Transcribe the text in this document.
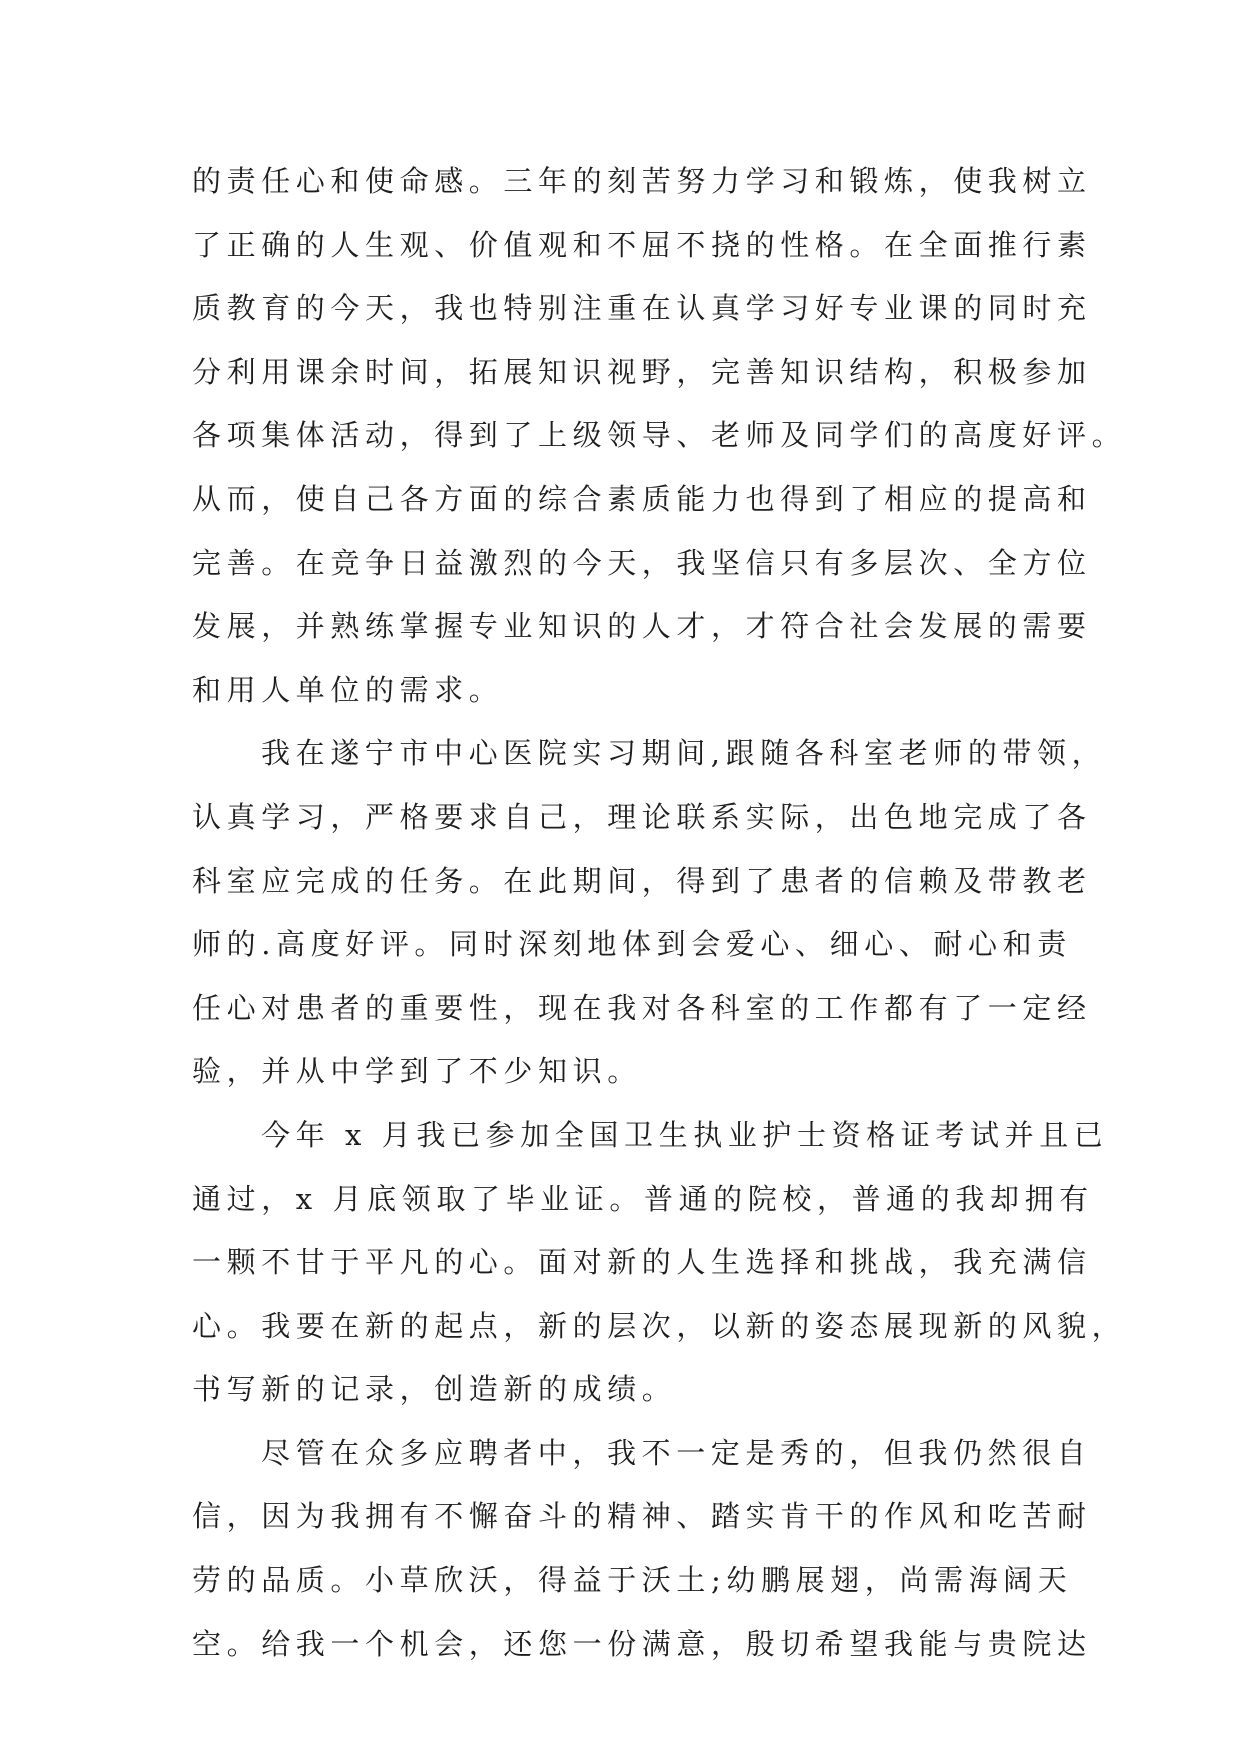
的责任心和使命感。三年的刻苦努力学习和锻炼，使我树立
了正确的人生观、价值观和不屈不挠的性格。在全面推行素
质教育的今天，我也特别注重在认真学习好专业课的同时充
分利用课余时间，拓展知识视野，完善知识结构，积极参加
各项集体活动，得到了上级领导、老师及同学们的高度好评。
从而，使自己各方面的综合素质能力也得到了相应的提高和
完善。在竞争日益激烈的今天，我坚信只有多层次、全方位
发展，并熟练掌握专业知识的人才，才符合社会发展的需要
和用人单位的需求。
我在遂宁市中心医院实习期间,跟随各科室老师的带领，
认真学习，严格要求自己，理论联系实际，出色地完成了各
科室应完成的任务。在此期间，得到了患者的信赖及带教老
师的.高度好评。同时深刻地体到会爱心、细心、耐心和责
任心对患者的重要性，现在我对各科室的工作都有了一定经
验，并从中学到了不少知识。
今年 x 月我已参加全国卫生执业护士资格证考试并且已
通过，x 月底领取了毕业证。普通的院校，普通的我却拥有
一颗不甘于平凡的心。面对新的人生选择和挑战，我充满信
心。我要在新的起点，新的层次，以新的姿态展现新的风貌，
书写新的记录，创造新的成绩。
尽管在众多应聘者中，我不一定是秀的，但我仍然很自
信，因为我拥有不懈奋斗的精神、踏实肯干的作风和吃苦耐
劳的品质。小草欣沃，得益于沃土;幼鹏展翅，尚需海阔天
空。给我一个机会，还您一份满意，殷切希望我能与贵院达
